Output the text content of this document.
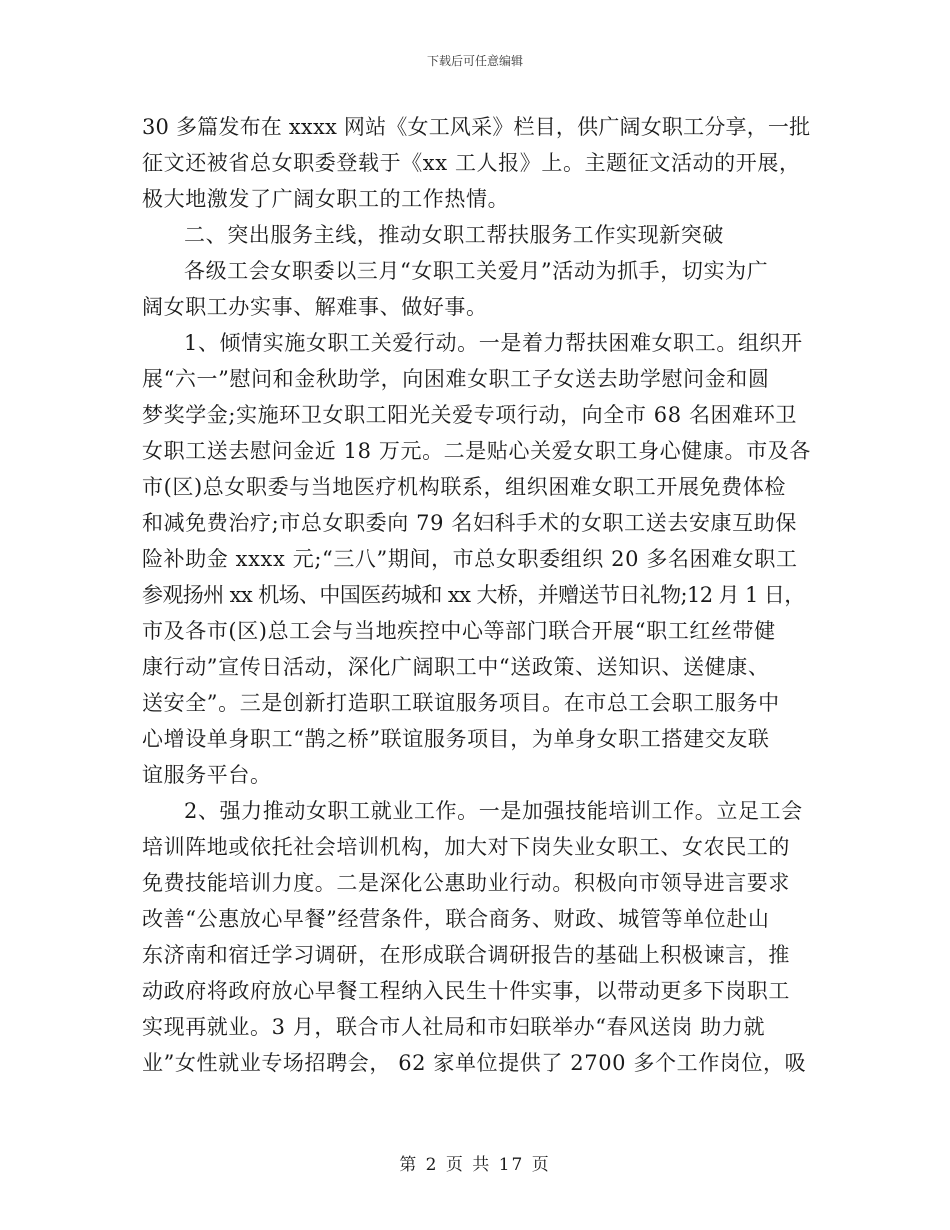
下载后可任意编辑
30 多篇发布在 xxxx 网站《女工风采》栏目，供广阔女职工分享，一批
征文还被省总女职委登载于《xx 工人报》上。主题征文活动的开展，
极大地激发了广阔女职工的工作热情。
二、突出服务主线，推动女职工帮扶服务工作实现新突破
各级工会女职委以三月“女职工关爱月”活动为抓手，切实为广
阔女职工办实事、解难事、做好事。
1、倾情实施女职工关爱行动。一是着力帮扶困难女职工。组织开
展“六一”慰问和金秋助学，向困难女职工子女送去助学慰问金和圆
梦奖学金;实施环卫女职工阳光关爱专项行动，向全市 68 名困难环卫
女职工送去慰问金近 18 万元。二是贴心关爱女职工身心健康。市及各
市(区)总女职委与当地医疗机构联系，组织困难女职工开展免费体检
和减免费治疗;市总女职委向 79 名妇科手术的女职工送去安康互助保
险补助金 xxxx 元;“三八”期间，市总女职委组织 20 多名困难女职工
参观扬州 xx 机场、中国医药城和 xx 大桥，并赠送节日礼物;12 月 1 日，
市及各市(区)总工会与当地疾控中心等部门联合开展“职工红丝带健
康行动”宣传日活动，深化广阔职工中“送政策、送知识、送健康、
送安全”。三是创新打造职工联谊服务项目。在市总工会职工服务中
心增设单身职工“鹊之桥”联谊服务项目，为单身女职工搭建交友联
谊服务平台。
2、强力推动女职工就业工作。一是加强技能培训工作。立足工会
培训阵地或依托社会培训机构，加大对下岗失业女职工、女农民工的
免费技能培训力度。二是深化公惠助业行动。积极向市领导进言要求
改善“公惠放心早餐”经营条件，联合商务、财政、城管等单位赴山
东济南和宿迁学习调研，在形成联合调研报告的基础上积极谏言，推
动政府将政府放心早餐工程纳入民生十件实事，以带动更多下岗职工
实现再就业。3 月，联合市人社局和市妇联举办“春风送岗 助力就
业”女性就业专场招聘会， 62 家单位提供了 2700 多个工作岗位，吸
第 2 页 共 17 页
